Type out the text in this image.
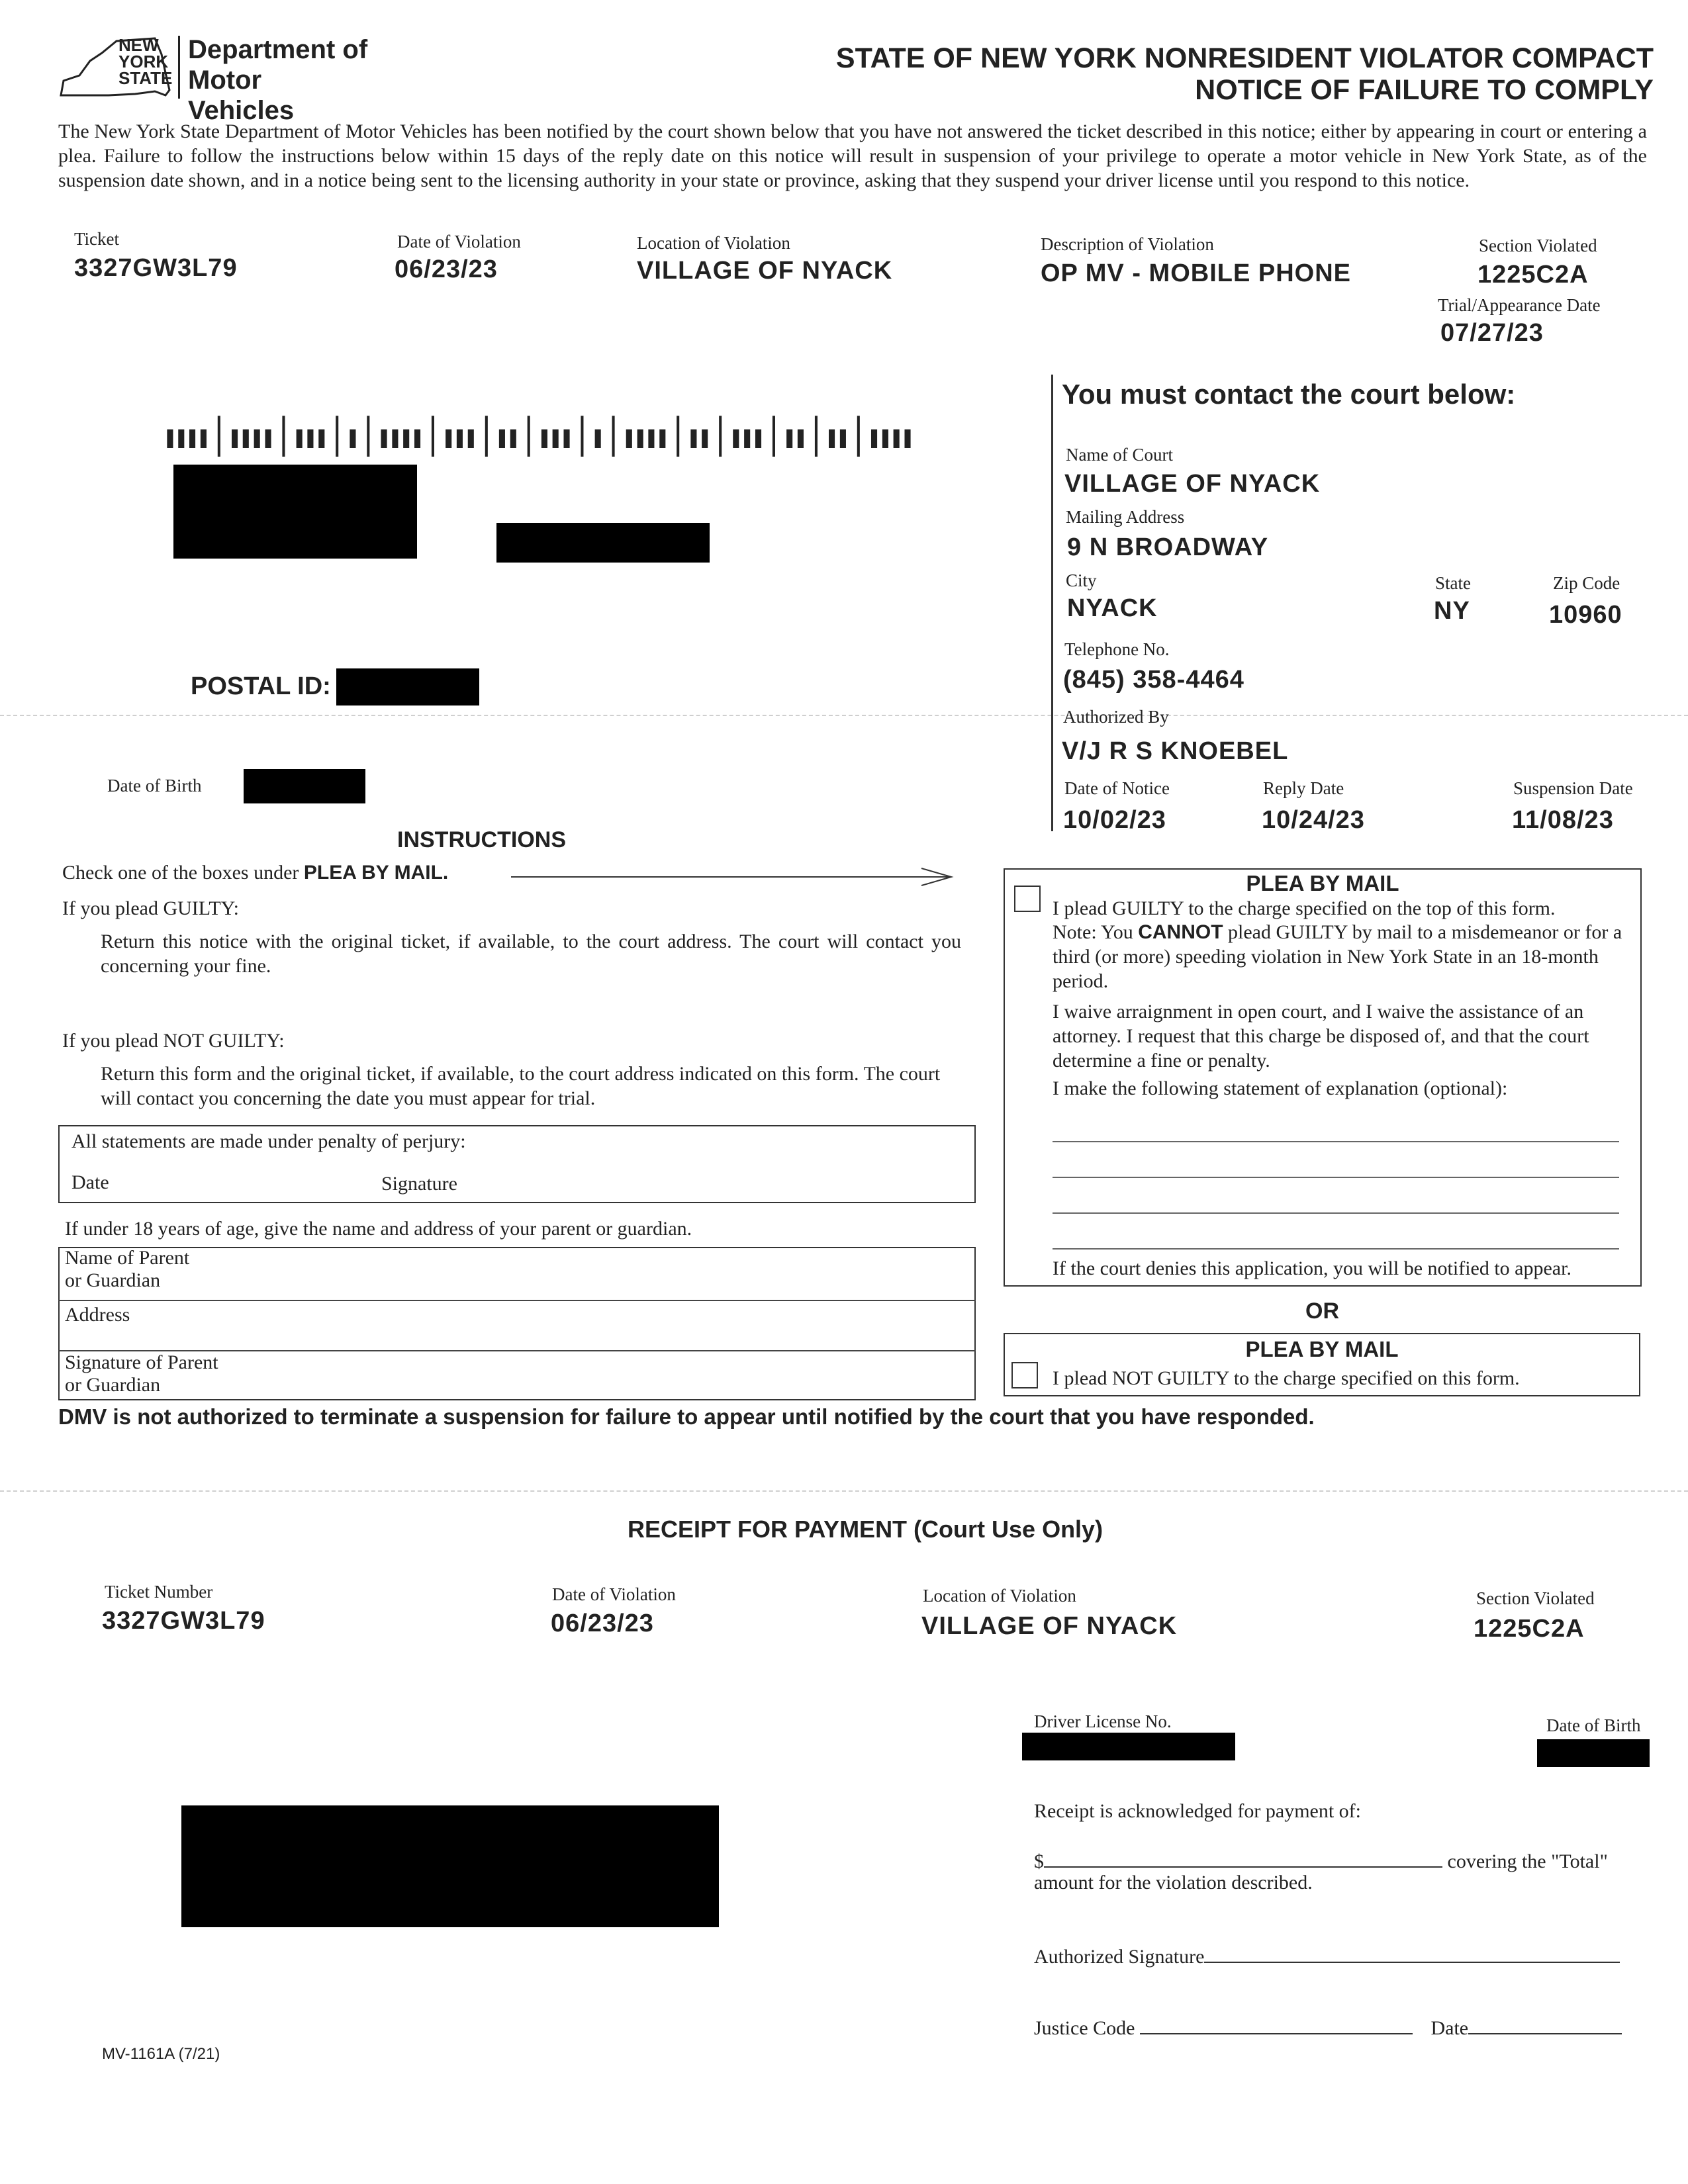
NEW
YORK
STATE
Department of
Motor Vehicles
STATE OF NEW YORK NONRESIDENT VIOLATOR COMPACT
NOTICE OF FAILURE TO COMPLY
The New York State Department of Motor Vehicles has been notified by the court shown below that you have not answered the ticket described in this notice; either by appearing in court or entering a plea. Failure to follow the instructions below within 15 days of the reply date on this notice will result in suspension of your privilege to operate a motor vehicle in New York State, as of the suspension date shown, and in a notice being sent to the licensing authority in your state or province, asking that they suspend your driver license until you respond to this notice.
Ticket
3327GW3L79
Date of Violation
06/23/23
Location of Violation
VILLAGE OF NYACK
Description of Violation
OP MV - MOBILE PHONE
Section Violated
1225C2A
Trial/Appearance Date
07/27/23
ıııı│ıııı│ııı│ı│ıııı│ııı│ıı│ııı│ı│ıııı│ıı│ııı│ıı│ıı│ıııı
POSTAL ID:
Date of Birth
You must contact the court below:
Name of Court
VILLAGE OF NYACK
Mailing Address
9 N BROADWAY
City
NYACK
State
NY
Zip Code
10960
Telephone No.
(845) 358-4464
Authorized By
V/J R S KNOEBEL
Date of Notice
10/02/23
Reply Date
10/24/23
Suspension Date
11/08/23
INSTRUCTIONS
Check one of the boxes under PLEA BY MAIL.
If you plead GUILTY:
Return this notice with the original ticket, if available, to the court address. The court will contact you concerning your fine.
If you plead NOT GUILTY:
Return this form and the original ticket, if available, to the court address indicated on this form. The court will contact you concerning the date you must appear for trial.
All statements are made under penalty of perjury:
Date	Signature
If under 18 years of age, give the name and address of your parent or guardian.
Name of Parent
or Guardian
Address
Signature of Parent
or Guardian
DMV is not authorized to terminate a suspension for failure to appear until notified by the court that you have responded.
PLEA BY MAIL
I plead GUILTY to the charge specified on the top of this form.
Note: You CANNOT plead GUILTY by mail to a misdemeanor or for a third (or more) speeding violation in New York State in an 18-month period.
I waive arraignment in open court, and I waive the assistance of an attorney. I request that this charge be disposed of, and that the court determine a fine or penalty.
I make the following statement of explanation (optional):
If the court denies this application, you will be notified to appear.
OR
PLEA BY MAIL
I plead NOT GUILTY to the charge specified on this form.
RECEIPT FOR PAYMENT (Court Use Only)
Ticket Number
3327GW3L79
Date of Violation
06/23/23
Location of Violation
VILLAGE OF NYACK
Section Violated
1225C2A
Driver License No.	Date of Birth
Receipt is acknowledged for payment of:
$	covering the "Total"
amount for the violation described.
Authorized Signature
Justice Code	Date
MV-1161A (7/21)
